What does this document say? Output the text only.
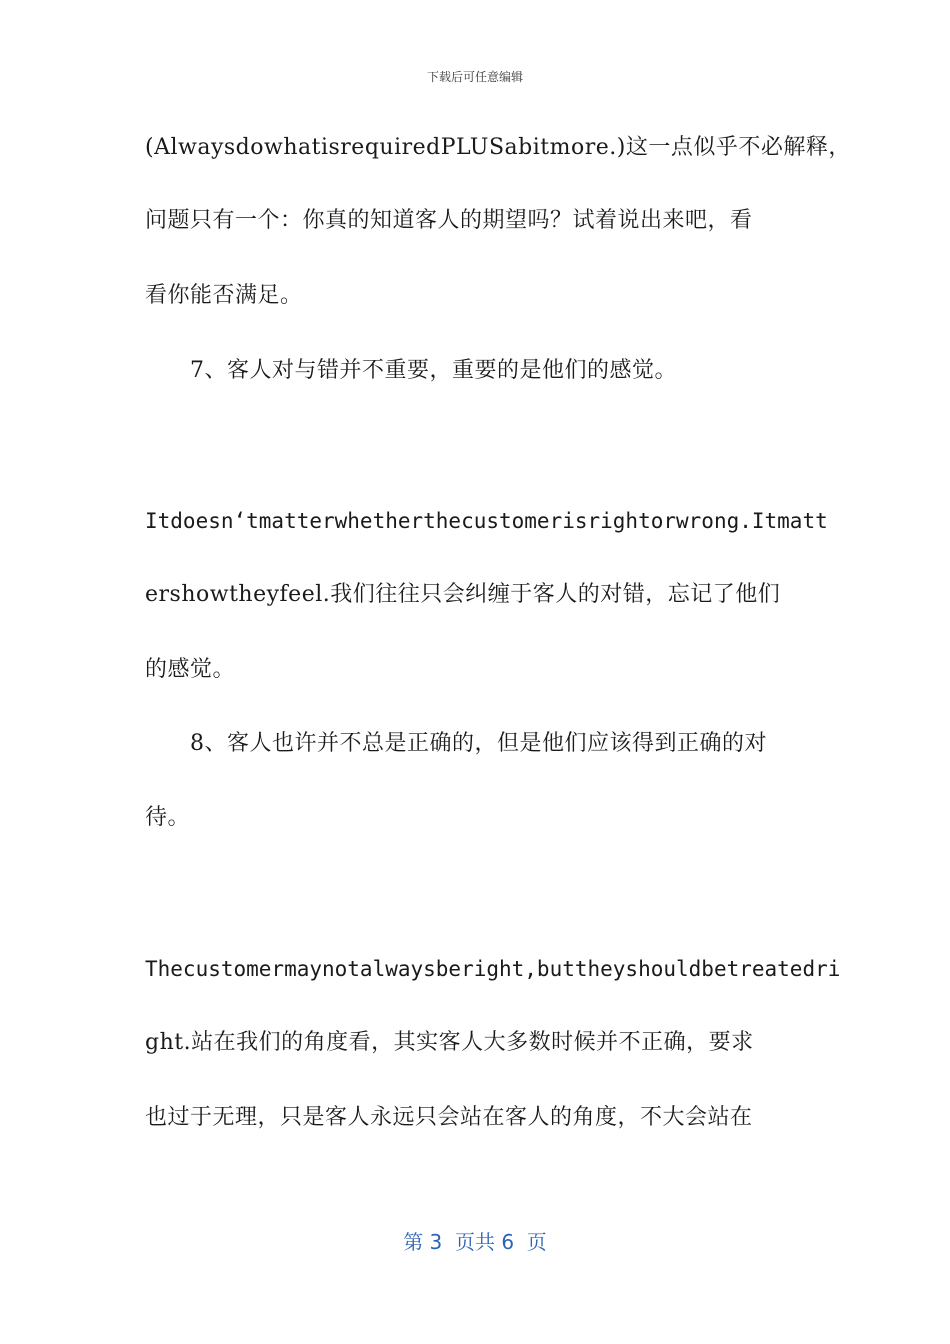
下载后可任意编辑
(AlwaysdowhatisrequiredPLUSabitmore.)这一点似乎不必解释，
问题只有一个：你真的知道客人的期望吗？试着说出来吧，看
看你能否满足。
7、客人对与错并不重要，重要的是他们的感觉。
Itdoesn‘tmatterwhetherthecustomerisrightorwrong.Itmatt
ershowtheyfeel.我们往往只会纠缠于客人的对错，忘记了他们
的感觉。
8、客人也许并不总是正确的，但是他们应该得到正确的对
待。
Thecustomermaynotalwaysberight,buttheyshouldbetreatedri
ght.站在我们的角度看，其实客人大多数时候并不正确，要求
也过于无理，只是客人永远只会站在客人的角度，不大会站在
第 3  页共 6  页
